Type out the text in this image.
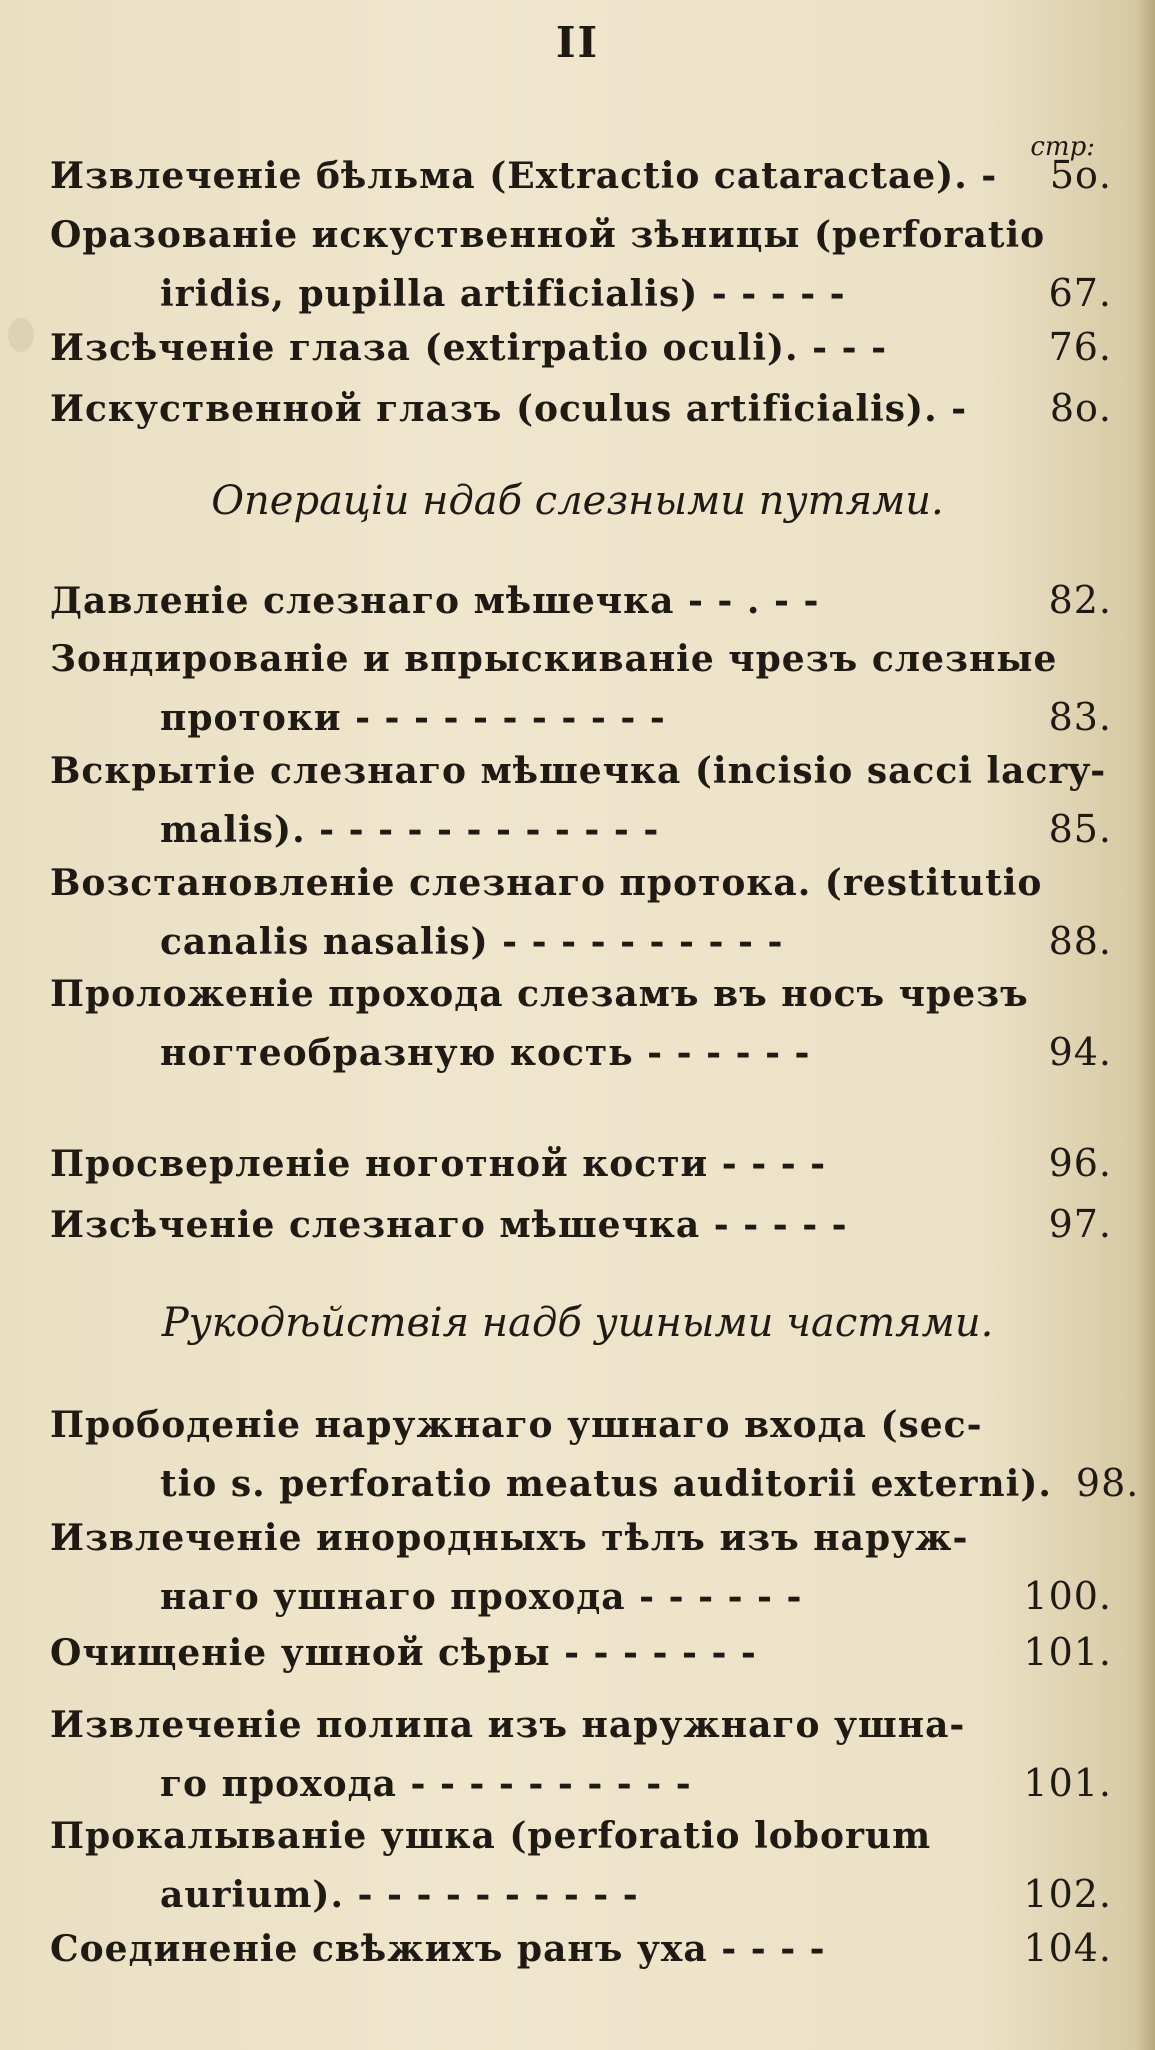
II
стр:
Извлеченіе бѣльма (Extractio cataractae). - 5о.
Оразованіе искуственной зѣницы (perforatio
iridis, pupilla artificialis) - - - - -	67.
Изсѣченіе глаза (extirpatio oculi). - - -	76.
Искуственной глазъ (oculus artificialis). - 8о.
Операціи ндаб слезными путями.
Давленіе слезнаго мѣшечка - - . - -	82.
Зондированіе и впрыскиваніе чрезъ слезные
протоки - - - - - - - - - - -	83.
Вскрытіе слезнаго мѣшечка (incisio sacci lacry-
malis). - - - - - - - - - - - -	85.
Возстановленіе слезнаго протока. (restitutio
canalis nasalis) - - - - - - - - - -	88.
Проложеніе прохода слезамъ въ носъ чрезъ
ногтеобразную кость - - - - - -	94.
Просверленіе ноготной кости - - - -	96.
Изсѣченіе слезнаго мѣшечка - - - - -	97.
Рукодѣйствія надб ушными частями.
Прободеніе наружнаго ушнаго входа (sec-
tio s. perforatio meatus auditorii externi). 98.
Извлеченіе инородныхъ тѣлъ изъ наруж-
наго ушнаго прохода - - - - - -	100.
Очищеніе ушной сѣры - - - - - - -	101.
Извлеченіе полипа изъ наружнаго ушна-
го прохода - - - - - - - - - -	101.
Прокалываніе ушка (perforatio loborum
aurium). - - - - - - - - - -	102.
Соединеніе свѣжихъ ранъ уха - - - -	104.
